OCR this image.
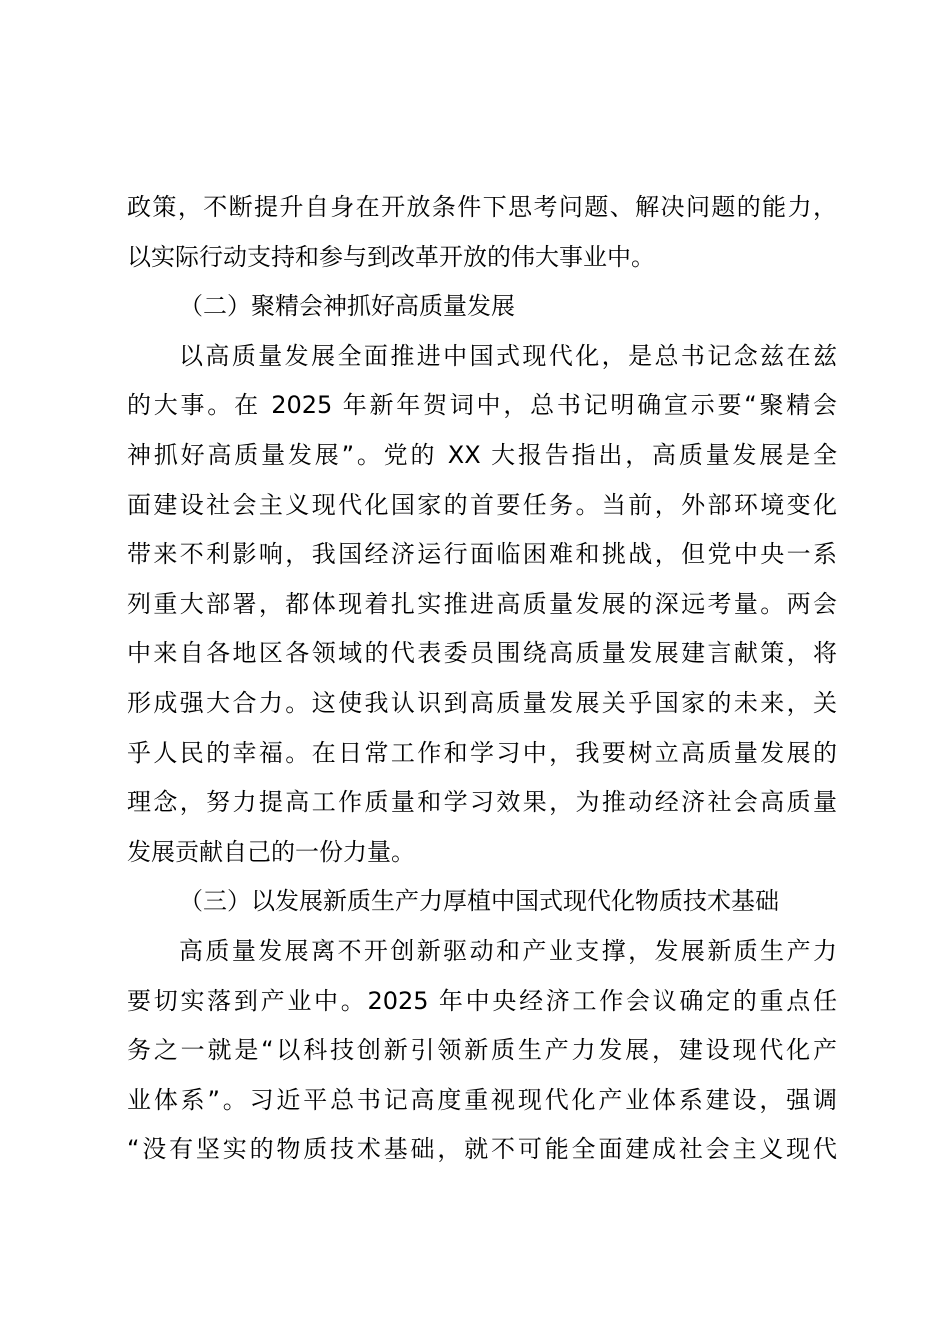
政策，不断提升自身在开放条件下思考问题、解决问题的能力，
以实际行动支持和参与到改革开放的伟大事业中。
（二）聚精会神抓好高质量发展
以高质量发展全面推进中国式现代化，是总书记念兹在兹
的大事。在 2025 年新年贺词中，总书记明确宣示要“聚精会
神抓好高质量发展”。党的 XX 大报告指出，高质量发展是全
面建设社会主义现代化国家的首要任务。当前，外部环境变化
带来不利影响，我国经济运行面临困难和挑战，但党中央一系
列重大部署，都体现着扎实推进高质量发展的深远考量。两会
中来自各地区各领域的代表委员围绕高质量发展建言献策，将
形成强大合力。这使我认识到高质量发展关乎国家的未来，关
乎人民的幸福。在日常工作和学习中，我要树立高质量发展的
理念，努力提高工作质量和学习效果，为推动经济社会高质量
发展贡献自己的一份力量。
（三）以发展新质生产力厚植中国式现代化物质技术基础
高质量发展离不开创新驱动和产业支撑，发展新质生产力
要切实落到产业中。2025 年中央经济工作会议确定的重点任
务之一就是“以科技创新引领新质生产力发展，建设现代化产
业体系”。习近平总书记高度重视现代化产业体系建设，强调
“没有坚实的物质技术基础，就不可能全面建成社会主义现代
